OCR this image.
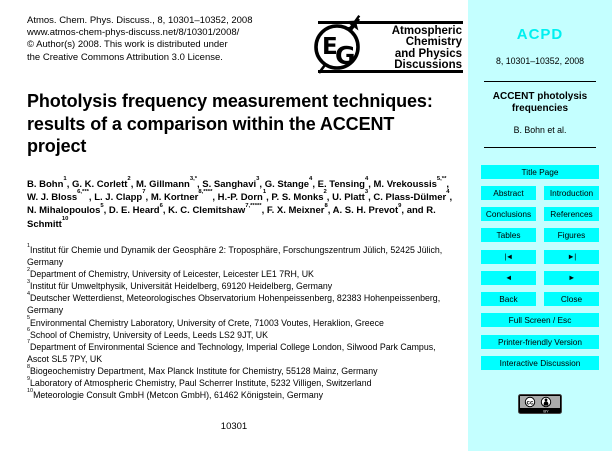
Atmos. Chem. Phys. Discuss., 8, 10301–10352, 2008
www.atmos-chem-phys-discuss.net/8/10301/2008/
© Author(s) 2008. This work is distributed under
the Creative Commons Attribution 3.0 License.	E
G
Atmospheric
Chemistry
and Physics
Discussions
Photolysis frequency measurement techniques: results of a comparison within the ACCENT project

B. Bohn$^1$, G. K. Corlett$^2$, M. Gillmann$^{3,*}$, S. Sanghavi$^3$, G. Stange$^4$, E. Tensing$^4$, M. Vrekoussis$^{5,**}$, W. J. Bloss$^{6,***}$, L. J. Clapp$^7$, M. Kortner$^{8,****}$, H.-P. Dorn$^1$, P. S. Monks$^2$, U. Platt$^3$, C. Plass-Dülmer$^4$, N. Mihalopoulos$^5$, D. E. Heard$^6$, K. C. Clemitshaw$^{7,*****}$, F. X. Meixner$^8$, A. S. H. Prevot$^9$, and R. Schmitt$^{10}$

$^1$Institut für Chemie und Dynamik der Geosphäre 2: Troposphäre, Forschungszentrum Jülich, 52425 Jülich, Germany
$^2$Department of Chemistry, University of Leicester, Leicester LE1 7RH, UK
$^3$Institut für Umweltphysik, Universität Heidelberg, 69120 Heidelberg, Germany
$^4$Deutscher Wetterdienst, Meteorologisches Observatorium Hohenpeissenberg, 82383 Hohenpeissenberg, Germany
$^5$Environmental Chemistry Laboratory, University of Crete, 71003 Voutes, Heraklion, Greece
$^6$School of Chemistry, University of Leeds, Leeds LS2 9JT, UK
$^7$Department of Environmental Science and Technology, Imperial College London, Silwood Park Campus, Ascot SL5 7PY, UK
$^8$Biogeochemistry Department, Max Planck Institute for Chemistry, 55128 Mainz, Germany
$^9$Laboratory of Atmospheric Chemistry, Paul Scherrer Institute, 5232 Villigen, Switzerland
$^{10}$Meteorologie Consult GmbH (Metcon GmbH), 61462 Königstein, Germany
10301
ACPD
8, 10301–10352, 2008
ACCENT photolysis frequencies
B. Bohn et al.
Title Page
Abstract	Introduction
Conclusions	References
Tables	Figures
|◄	►|
◄	►
Back	Close
Full Screen / Esc
Printer-friendly Version
Interactive Discussion
cc
BY
